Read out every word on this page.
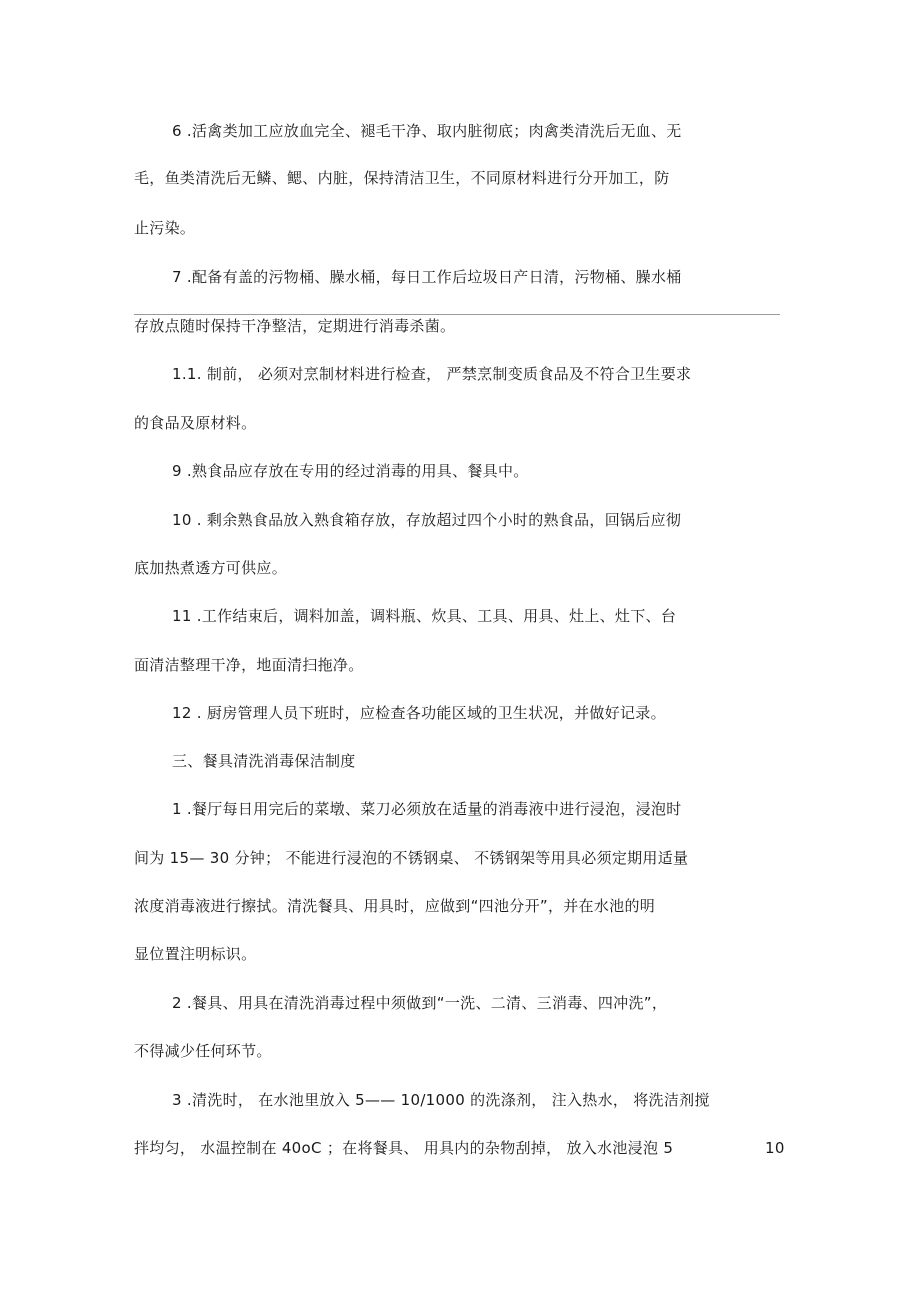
6 .活禽类加工应放血完全、褪毛干净、取内脏彻底；肉禽类清洗后无血、无
毛，鱼类清洗后无鳞、鳃、内脏，保持清洁卫生，不同原材料进行分开加工，防
止污染。
7 .配备有盖的污物桶、臊水桶，每日工作后垃圾日产日清，污物桶、臊水桶
存放点随时保持干净整洁，定期进行消毒杀菌。
1.1. 制前， 必须对烹制材料进行检查， 严禁烹制变质食品及不符合卫生要求
的食品及原材料。
9 .熟食品应存放在专用的经过消毒的用具、餐具中。
10 . 剩余熟食品放入熟食箱存放，存放超过四个小时的熟食品，回锅后应彻
底加热煮透方可供应。
11 .工作结束后，调料加盖，调料瓶、炊具、工具、用具、灶上、灶下、台
面清洁整理干净，地面清扫拖净。
12 . 厨房管理人员下班时，应检查各功能区域的卫生状况，并做好记录。
三、餐具清洗消毒保洁制度
1 .餐厅每日用完后的菜墩、菜刀必须放在适量的消毒液中进行浸泡，浸泡时
间为 15— 30 分钟； 不能进行浸泡的不锈钢桌、 不锈钢架等用具必须定期用适量
浓度消毒液进行擦拭。清洗餐具、用具时，应做到“四池分开”，并在水池的明
显位置注明标识。
2 .餐具、用具在清洗消毒过程中须做到“一洗、二清、三消毒、四冲洗”，
不得减少任何环节。
3 .清洗时， 在水池里放入 5—— 10/1000 的洗涤剂， 注入热水， 将洗洁剂搅
拌均匀， 水温控制在 40oC ；在将餐具、 用具内的杂物刮掉， 放入水池浸泡 5	10
